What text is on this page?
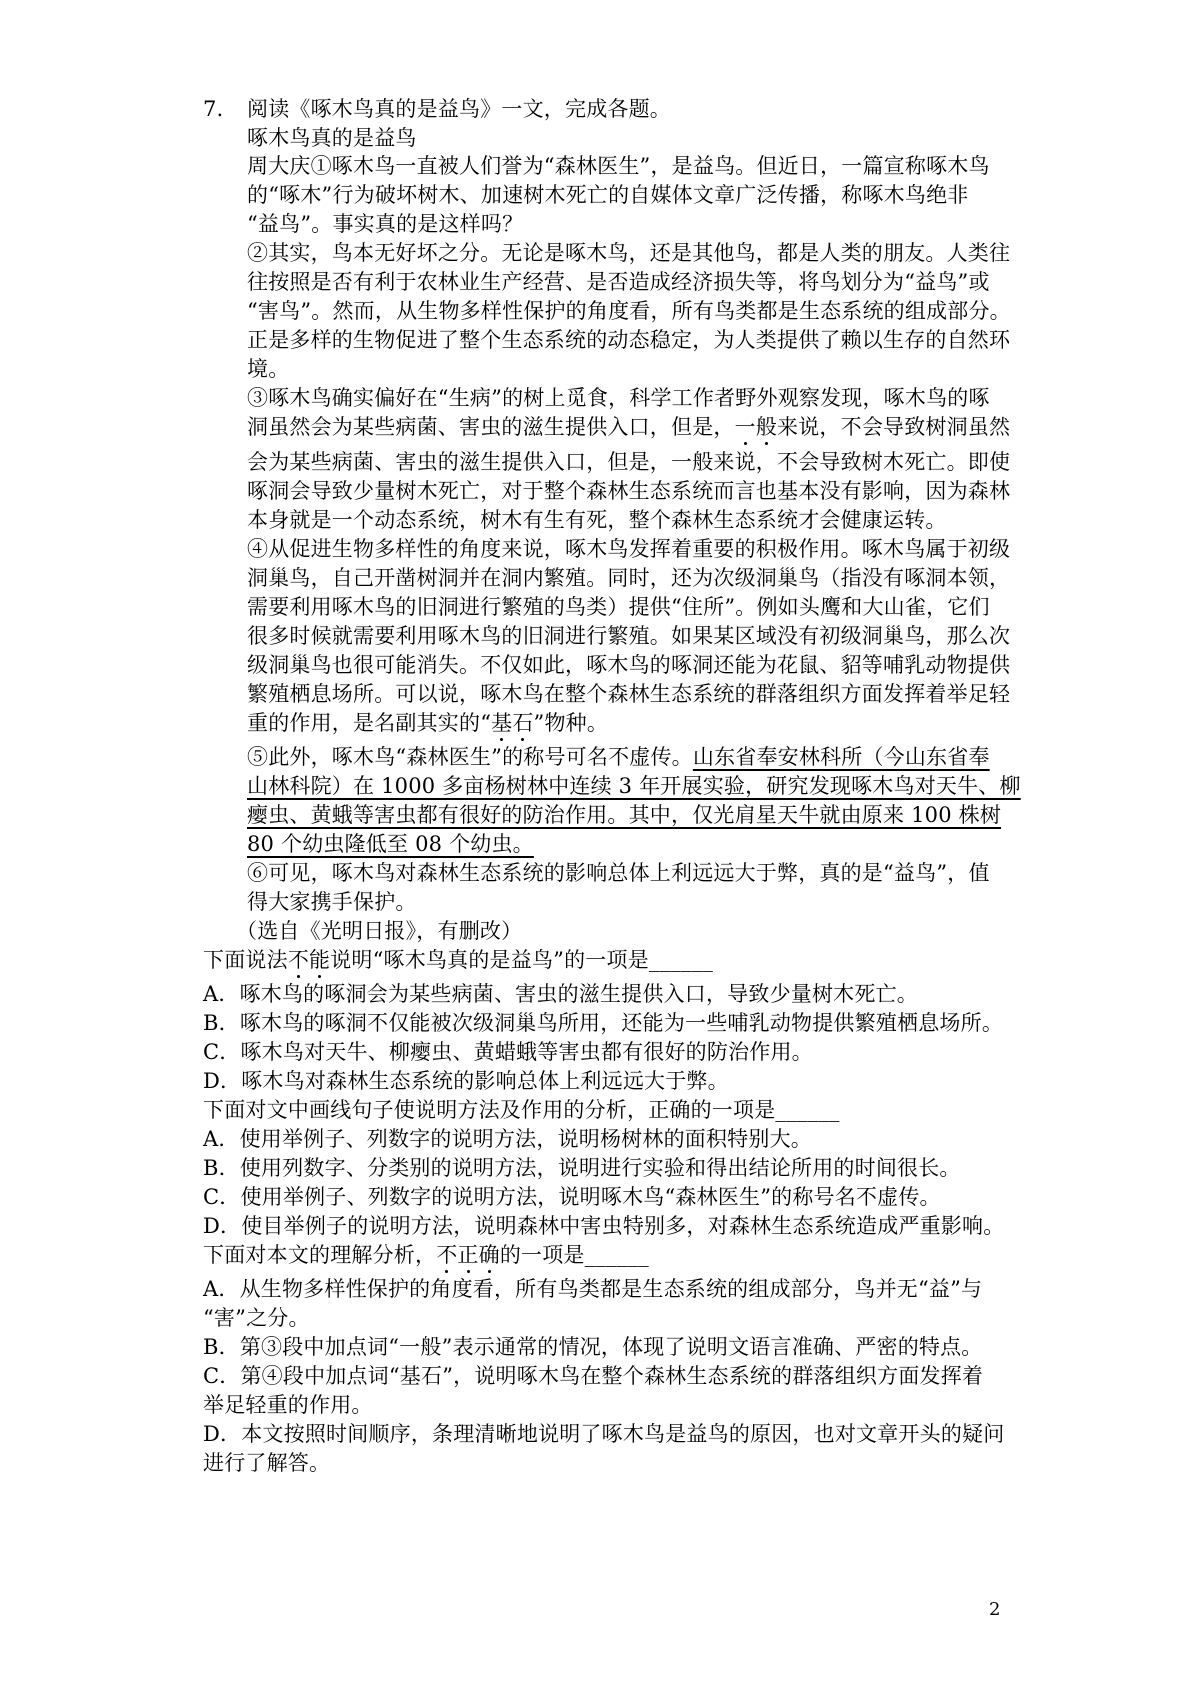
7. 阅读《啄木鸟真的是益鸟》一文，完成各题。
啄木鸟真的是益鸟
周大庆①啄木鸟一直被人们誉为“森林医生”，是益鸟。但近日，一篇宣称啄木鸟
的“啄木”行为破坏树木、加速树木死亡的自媒体文章广泛传播，称啄木鸟绝非
“益鸟”。事实真的是这样吗？
②其实，鸟本无好坏之分。无论是啄木鸟，还是其他鸟，都是人类的朋友。人类往
往按照是否有利于农林业生产经营、是否造成经济损失等，将鸟划分为“益鸟”或
“害鸟”。然而，从生物多样性保护的角度看，所有鸟类都是生态系统的组成部分。
正是多样的生物促进了整个生态系统的动态稳定，为人类提供了赖以生存的自然环
境。
③啄木鸟确实偏好在“生病”的树上觅食，科学工作者野外观察发现，啄木鸟的啄
洞虽然会为某些病菌、害虫的滋生提供入口，但是，一般来说，不会导致树洞虽然
会为某些病菌、害虫的滋生提供入口，但是，一般来说，不会导致树木死亡。即使
啄洞会导致少量树木死亡，对于整个森林生态系统而言也基本没有影响，因为森林
本身就是一个动态系统，树木有生有死，整个森林生态系统才会健康运转。
④从促进生物多样性的角度来说，啄木鸟发挥着重要的积极作用。啄木鸟属于初级
洞巢鸟，自己开凿树洞并在洞内繁殖。同时，还为次级洞巢鸟（指没有啄洞本领，
需要利用啄木鸟的旧洞进行繁殖的鸟类）提供“住所”。例如头鹰和大山雀，它们
很多时候就需要利用啄木鸟的旧洞进行繁殖。如果某区域没有初级洞巢鸟，那么次
级洞巢鸟也很可能消失。不仅如此，啄木鸟的啄洞还能为花鼠、貂等哺乳动物提供
繁殖栖息场所。可以说，啄木鸟在整个森林生态系统的群落组织方面发挥着举足轻
重的作用，是名副其实的“基石”物种。
⑤此外，啄木鸟“森林医生”的称号可名不虚传。山东省奉安林科所（今山东省奉
山林科院）在 1000 多亩杨树林中连续 3 年开展实验，研究发现啄木鸟对天牛、柳
瘿虫、黄蛾等害虫都有很好的防治作用。其中，仅光肩星天牛就由原来 100 株树
80 个幼虫隆低至 08 个幼虫。
⑥可见，啄木鸟对森林生态系统的影响总体上利远远大于弊，真的是“益鸟”，值
得大家携手保护。
（选自《光明日报》，有删改）
下面说法不能说明“啄木鸟真的是益鸟”的一项是______
A．啄木鸟的啄洞会为某些病菌、害虫的滋生提供入口，导致少量树木死亡。
B．啄木鸟的啄洞不仅能被次级洞巢鸟所用，还能为一些哺乳动物提供繁殖栖息场所。
C．啄木鸟对天牛、柳瘿虫、黄蜡蛾等害虫都有很好的防治作用。
D．啄木鸟对森林生态系统的影响总体上利远远大于弊。
下面对文中画线句子使说明方法及作用的分析，正确的一项是______
A．使用举例子、列数字的说明方法，说明杨树林的面积特别大。
B．使用列数字、分类别的说明方法，说明进行实验和得出结论所用的时间很长。
C．使用举例子、列数字的说明方法，说明啄木鸟“森林医生”的称号名不虚传。
D．使目举例子的说明方法，说明森林中害虫特别多，对森林生态系统造成严重影响。
下面对本文的理解分析，不正确的一项是______
A．从生物多样性保护的角度看，所有鸟类都是生态系统的组成部分，鸟并无“益”与
“害”之分。
B．第③段中加点词“一般”表示通常的情况，体现了说明文语言准确、严密的特点。
C．第④段中加点词“基石”，说明啄木鸟在整个森林生态系统的群落组织方面发挥着
举足轻重的作用。
D．本文按照时间顺序，条理清晰地说明了啄木鸟是益鸟的原因，也对文章开头的疑问
进行了解答。
2
